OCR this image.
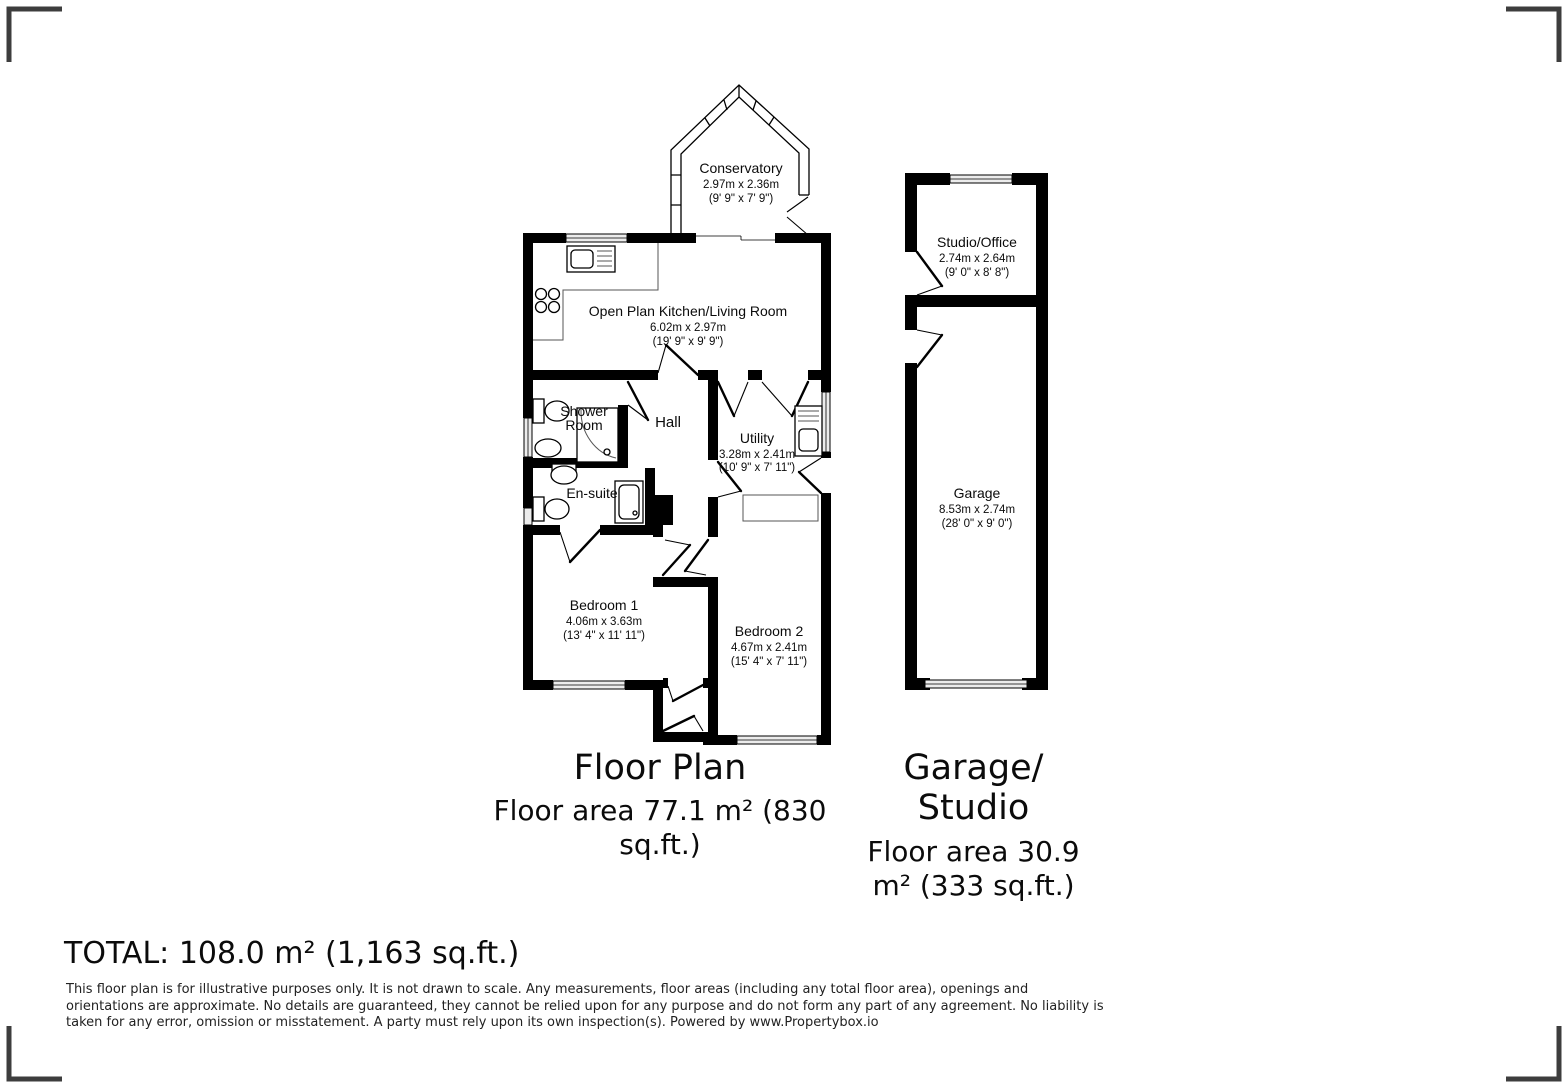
Conservatory
2.97m x 2.36m
(9' 9" x 7' 9")
Open Plan Kitchen/Living Room
6.02m x 2.97m
(19' 9" x 9' 9")
Shower
Room	Hall
Utility
3.28m x 2.41m
(10' 9" x 7' 11")
En-suite
Bedroom 1
4.06m x 3.63m
(13' 4" x 11' 11")	Bedroom 2
4.67m x 2.41m
(15' 4" x 7' 11")
Studio/Office
2.74m x 2.64m
(9' 0" x 8' 8")
Garage
8.53m x 2.74m
(28' 0" x 9' 0")
Floor Plan
Floor area 77.1 m² (830 sq.ft.)
Garage/ Studio
Floor area 30.9 m² (333 sq.ft.)
TOTAL: 108.0 m² (1,163 sq.ft.)
This floor plan is for illustrative purposes only. It is not drawn to scale. Any measurements, floor areas (including any total floor area), openings and orientations are approximate. No details are guaranteed, they cannot be relied upon for any purpose and do not form any part of any agreement. No liability is taken for any error, omission or misstatement. A party must rely upon its own inspection(s). Powered by www.Propertybox.io
